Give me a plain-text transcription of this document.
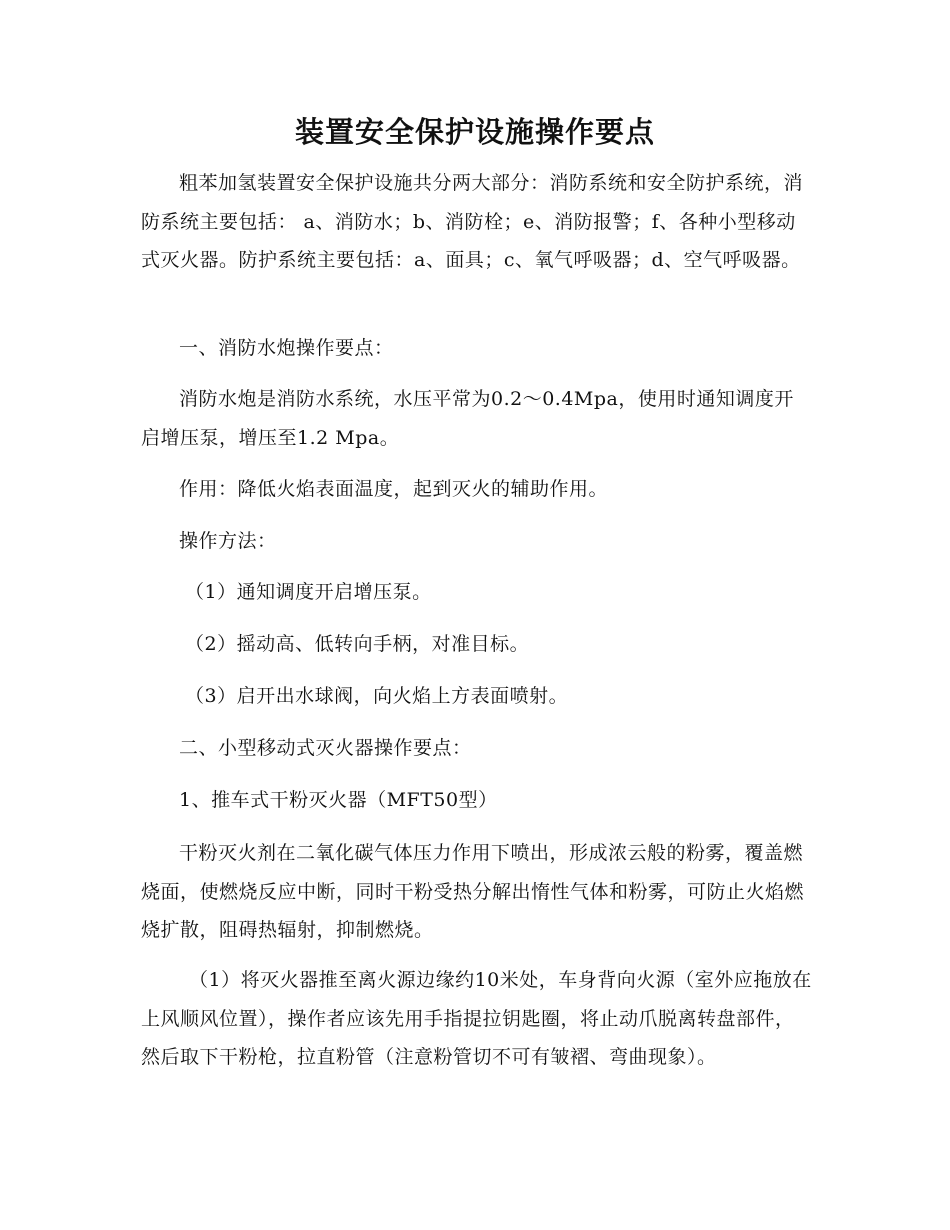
装置安全保护设施操作要点

粗苯加氢装置安全保护设施共分两大部分：消防系统和安全防护系统，消防系统主要包括： a、消防水；b、消防栓；e、消防报警；f、各种小型移动式灭火器。防护系统主要包括：a、面具；c、氧气呼吸器；d、空气呼吸器。

一、消防水炮操作要点：

消防水炮是消防水系统，水压平常为0.2～0.4Mpa，使用时通知调度开启增压泵，增压至1.2 Mpa。

作用：降低火焰表面温度，起到灭火的辅助作用。

操作方法：

（1）通知调度开启增压泵。

（2）摇动高、低转向手柄，对准目标。

（3）启开出水球阀，向火焰上方表面喷射。

二、小型移动式灭火器操作要点：

1、推车式干粉灭火器（MFT50型）

干粉灭火剂在二氧化碳气体压力作用下喷出，形成浓云般的粉雾，覆盖燃烧面，使燃烧反应中断，同时干粉受热分解出惰性气体和粉雾，可防止火焰燃烧扩散，阻碍热辐射，抑制燃烧。

（1）将灭火器推至离火源边缘约10米处，车身背向火源（室外应拖放在上风顺风位置），操作者应该先用手指提拉钥匙圈，将止动爪脱离转盘部件，然后取下干粉枪，拉直粉管（注意粉管切不可有皱褶、弯曲现象）。
